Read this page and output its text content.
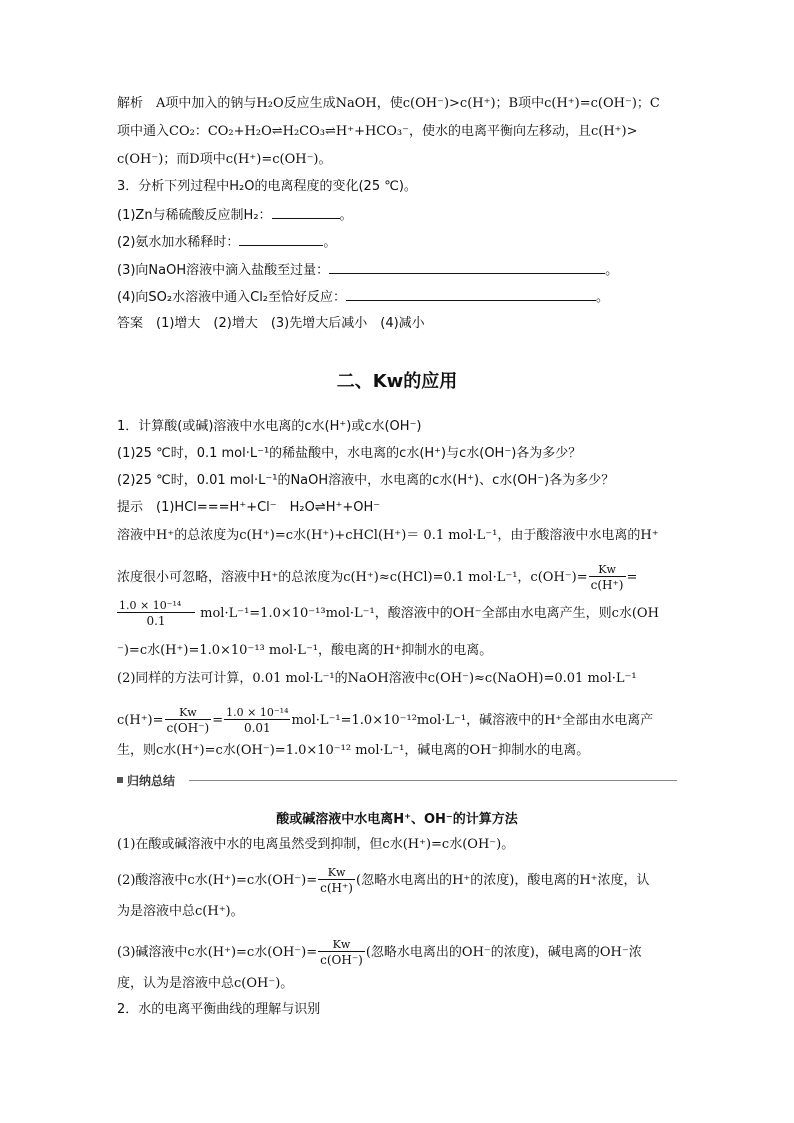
解析　 A项中加入的钠与H₂O反应生成NaOH，使c(OH⁻)>c(H⁺)；B项中c(H⁺)=c(OH⁻)；C
项中通入CO₂：CO₂+H₂O⇌H₂CO₃⇌H⁺+HCO₃⁻，使水的电离平衡向左移动，且c(H⁺)>
c(OH⁻)；而D项中c(H⁺)=c(OH⁻)。
3．分析下列过程中H₂O的电离程度的变化(25 ℃)。
(1)Zn与稀硫酸反应制H₂：	。
(2)氨水加水稀释时：	。
(3)向NaOH溶液中滴入盐酸至过量：	。
(4)向SO₂水溶液中通入Cl₂至恰好反应：	。
答案　(1)增大　(2)增大　(3)先增大后减小　(4)减小
二、Kw的应用
1．计算酸(或碱)溶液中水电离的c水(H⁺)或c水(OH⁻)
(1)25 ℃时，0.1 mol·L⁻¹的稀盐酸中，水电离的c水(H⁺)与c水(OH⁻)各为多少？
(2)25 ℃时，0.01 mol·L⁻¹的NaOH溶液中，水电离的c水(H⁺)、c水(OH⁻)各为多少？
提示　(1)HCl===H⁺+Cl⁻　H₂O⇌H⁺+OH⁻
溶液中H⁺的总浓度为c(H⁺)=c水(H⁺)+cHCl(H⁺)＝ 0.1 mol·L⁻¹，由于酸溶液中水电离的H⁺
浓度很小可忽略，溶液中H⁺的总浓度为c(H⁺)≈c(HCl)=0.1 mol·L⁻¹，$c(OH^-)= \frac{Kw}{c(H^+)}$ =
$\frac{\text{1.0 × 10⁻¹⁴}}{0.1} mol\cdot L^{-1}=1.0\times 10^{-13}mol\cdot L^{-1}$，酸溶液中的OH⁻全部由水电离产生，则c水(OH
⁻)=c水(H⁺)=1.0×10⁻¹³ mol·L⁻¹，酸电离的H⁺抑制水的电离。
(2)同样的方法可计算，0.01 mol·L⁻¹的NaOH溶液中c(OH⁻)≈c(NaOH)=0.01 mol·L⁻¹
$c(H^+)= \frac{Kw}{c(OH^-)} = \frac{\text{1.0 × 10⁻¹⁴}}{0.01} mol\cdot L^{-1}=1.0\times 10^{-12}mol\cdot L^{-1}$，碱溶液中的H⁺全部由水电离产
生，则c水(H⁺)=c水(OH⁻)=1.0×10⁻¹² mol·L⁻¹，碱电离的OH⁻抑制水的电离。
归纳总结
酸或碱溶液中水电离H⁺、OH⁻的计算方法
(1)在酸或碱溶液中水的电离虽然受到抑制，但c水(H⁺)=c水(OH⁻)。
(2)酸溶液中c水(H⁺)=c水$(OH^-)= \frac{Kw}{c(H^+)}$ (忽略水电离出的H⁺的浓度)，酸电离的H⁺浓度，认
为是溶液中总c(H⁺)。
(3)碱溶液中c水(H⁺)=c水$(OH^-)= \frac{Kw}{c(OH^-)}$ (忽略水电离出的OH⁻的浓度)，碱电离的OH⁻浓
度，认为是溶液中总c(OH⁻)。
2．水的电离平衡曲线的理解与识别
